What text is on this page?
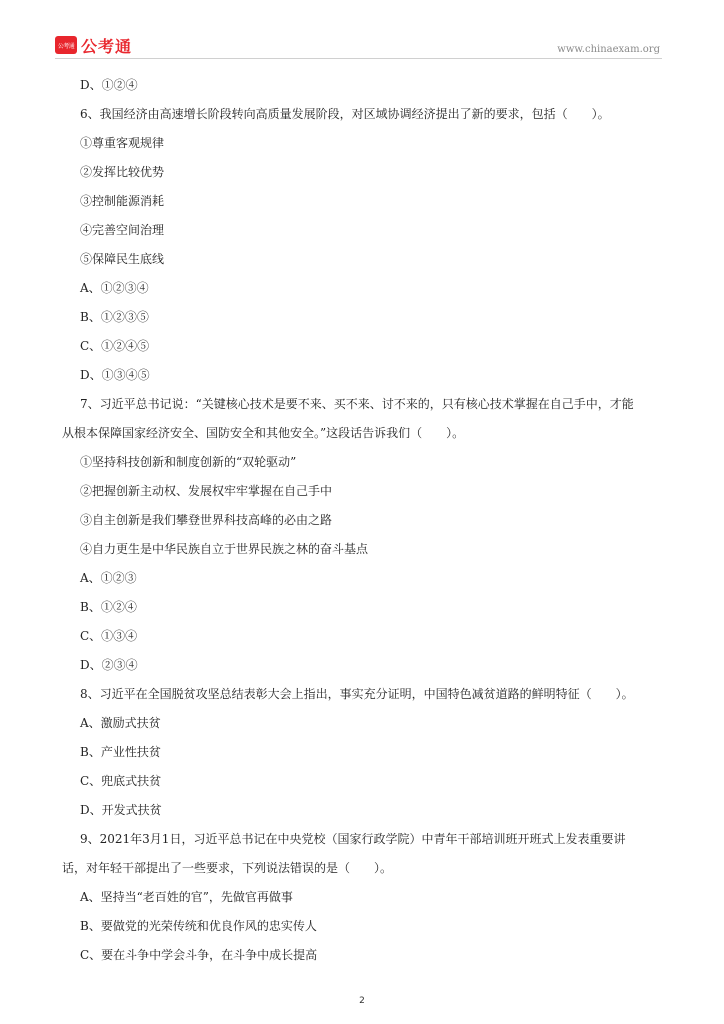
公考通 公考通	www.chinaexam.org

D、①②④

6、我国经济由高速增长阶段转向高质量发展阶段，对区域协调经济提出了新的要求，包括（　　）。

①尊重客观规律

②发挥比较优势

③控制能源消耗

④完善空间治理

⑤保障民生底线

A、①②③④

B、①②③⑤

C、①②④⑤

D、①③④⑤

7、习近平总书记说：“关键核心技术是要不来、买不来、讨不来的，只有核心技术掌握在自己手中，才能

从根本保障国家经济安全、国防安全和其他安全。”这段话告诉我们（　　）。

①坚持科技创新和制度创新的“双轮驱动”

②把握创新主动权、发展权牢牢掌握在自己手中

③自主创新是我们攀登世界科技高峰的必由之路

④自力更生是中华民族自立于世界民族之林的奋斗基点

A、①②③

B、①②④

C、①③④

D、②③④

8、习近平在全国脱贫攻坚总结表彰大会上指出，事实充分证明，中国特色减贫道路的鲜明特征（　　）。

A、激励式扶贫

B、产业性扶贫

C、兜底式扶贫

D、开发式扶贫

9、2021年3月1日，习近平总书记在中央党校（国家行政学院）中青年干部培训班开班式上发表重要讲

话，对年轻干部提出了一些要求，下列说法错误的是（　　）。

A、坚持当“老百姓的官”，先做官再做事

B、要做党的光荣传统和优良作风的忠实传人

C、要在斗争中学会斗争，在斗争中成长提高

2
